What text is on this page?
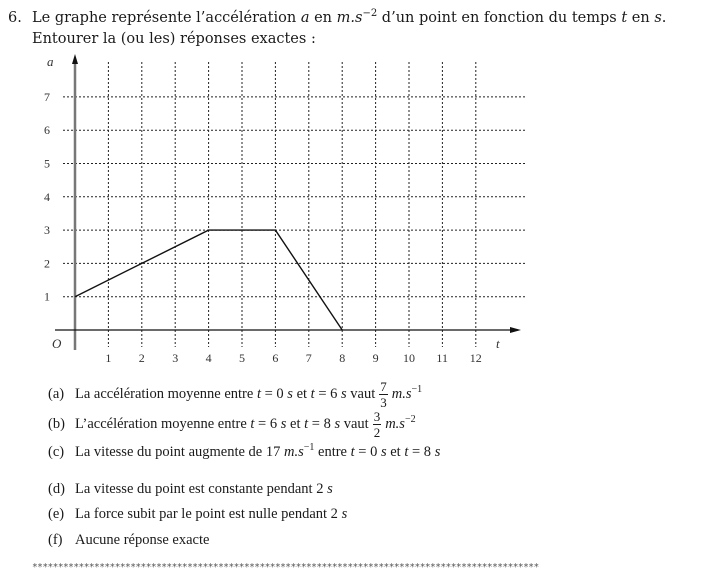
6. Le graphe représente l’accélération a en $m.s^{-2}$ d’un point en fonction du temps t en s. Entourer la (ou les) réponses exactes :
1 2 3 4 5 6 7 8 9 10 11 12
1
2
3
4
5
6
7
a
t
O
(a) La accélération moyenne entre t = 0 s et t = 6 s vaut $\frac{7}{3} m.s^{-1}$
(b) L’accélération moyenne entre t = 6 s et t = 8 s vaut $\frac{3}{2} m.s^{-2}$
(c) La vitesse du point augmente de 17 $m.s^{-1}$ entre t = 0 s et t = 8 s
(d) La vitesse du point est constante pendant 2 s
(e) La force subit par le point est nulle pendant 2 s
(f) Aucune réponse exacte
**************************************************************************************************
